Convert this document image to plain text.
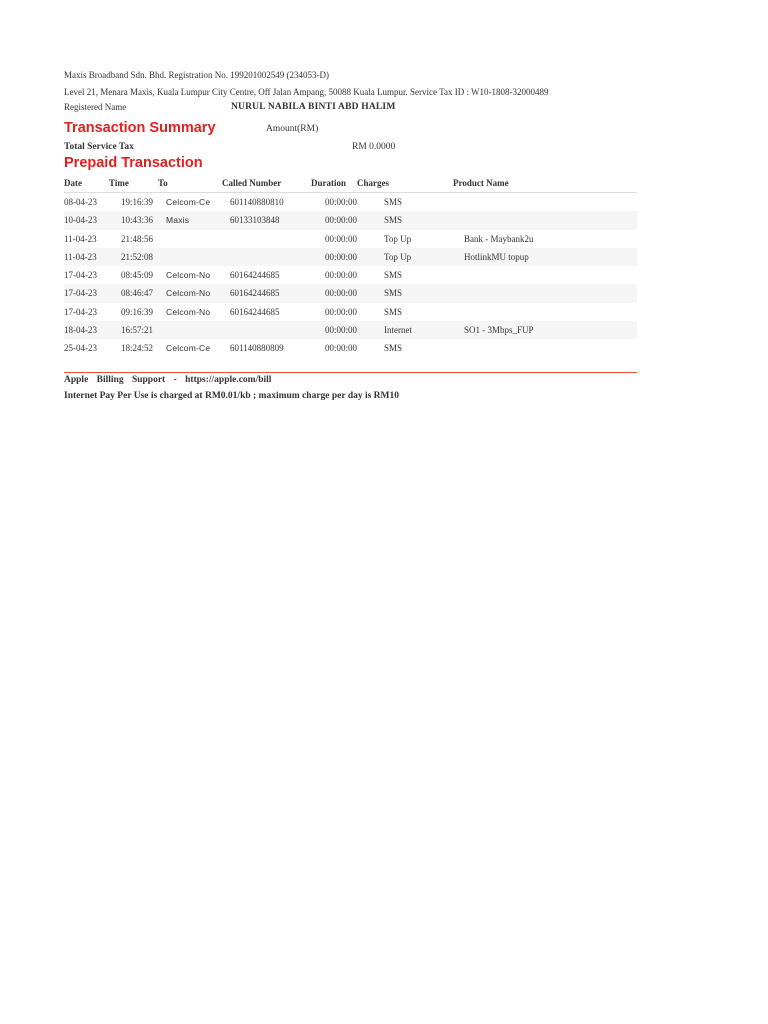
Maxis Broadband Sdn. Bhd. Registration No. 199201002549 (234053-D)
Level 21, Menara Maxis, Kuala Lumpur City Centre, Off Jalan Ampang, 50088 Kuala Lumpur. Service Tax ID : W10-1808-32000489
Registered Name	NURUL NABILA BINTI ABD HALIM
Transaction Summary	Amount(RM)
Total Service Tax	RM 0.0000
Prepaid Transaction
Date	Time	To	Called Number	Duration Charges	Product Name
08-04-23	19:16:39 Celcom-Ce 601140880810	00:00:00	SMS
10-04-23	10:43:36 Maxis	60133103848	00:00:00	SMS
11-04-23	21:48:56	00:00:00	Top Up	Bank - Maybank2u
11-04-23	21:52:08	00:00:00	Top Up	HotlinkMU topup
17-04-23	08:45:09 Celcom-No 60164244685	00:00:00	SMS
17-04-23	08:46:47 Celcom-No 60164244685	00:00:00	SMS
17-04-23	09:16:39 Celcom-No 60164244685	00:00:00	SMS
18-04-23	16:57:21	00:00:00	Internet	SO1 - 3Mbps_FUP
25-04-23	18:24:52 Celcom-Ce 601140880809	00:00:00	SMS
Apple Billing Support - https://apple.com/bill
Internet Pay Per Use is charged at RM0.01/kb ; maximum charge per day is RM10
